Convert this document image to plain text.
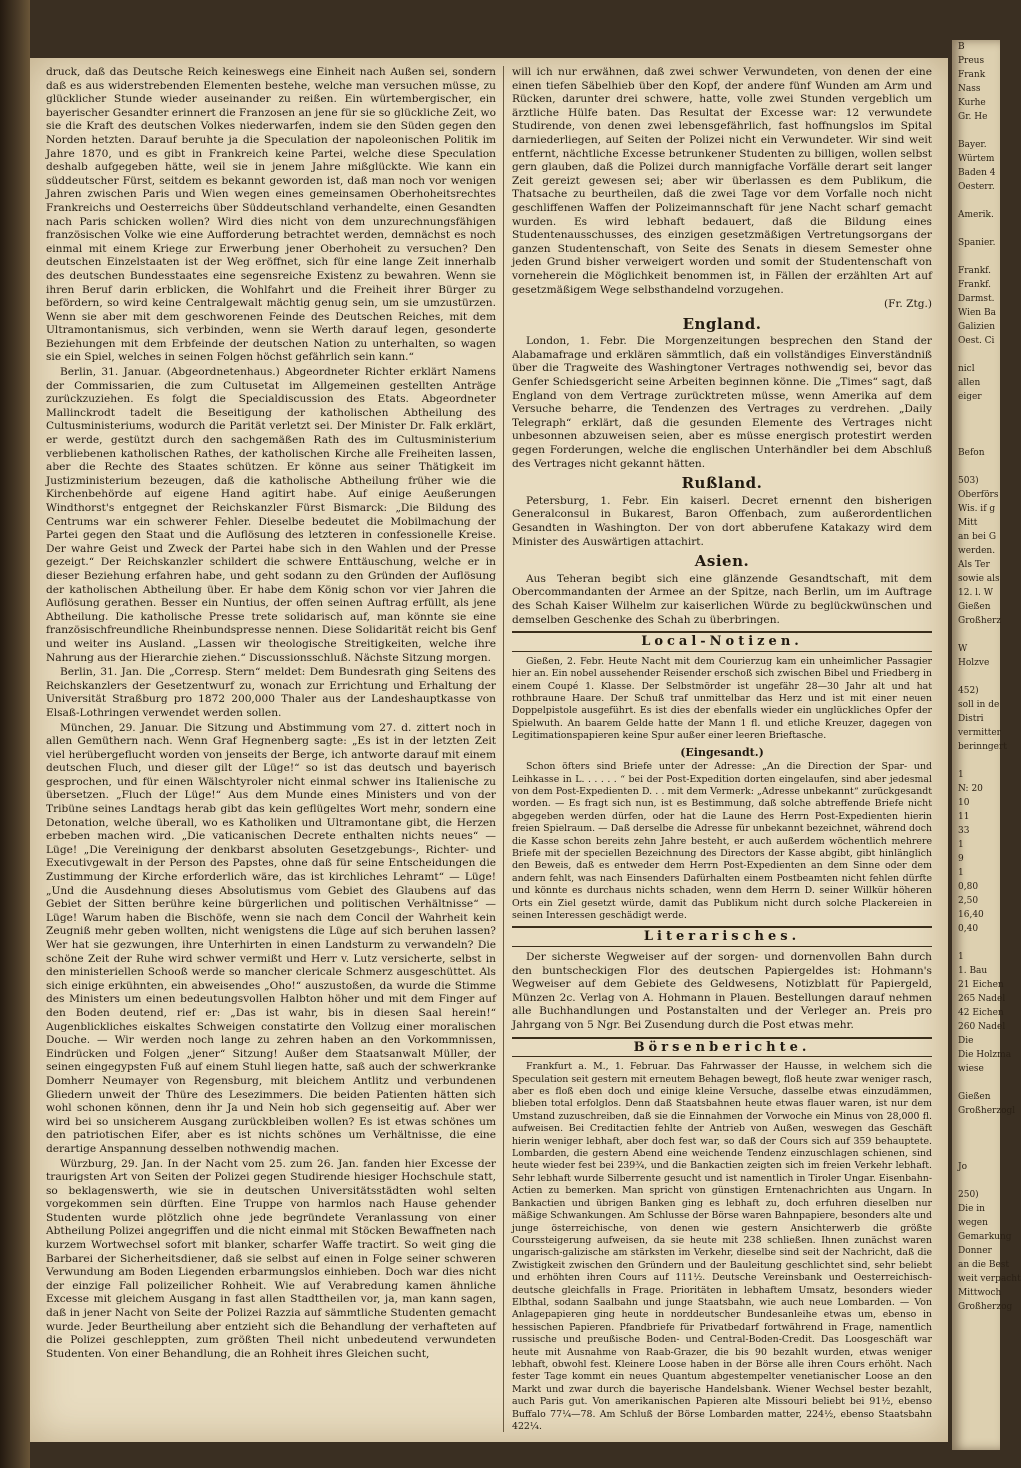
druck, daß das Deutsche Reich keineswegs eine Einheit nach Außen sei, sondern daß es aus widerstrebenden Elementen bestehe, welche man versuchen müsse, zu glücklicher Stunde wieder auseinander zu reißen. Ein würtembergischer, ein bayerischer Gesandter erinnert die Franzosen an jene für sie so glückliche Zeit, wo sie die Kraft des deutschen Volkes niederwarfen, indem sie den Süden gegen den Norden hetzten. Darauf beruhte ja die Speculation der napoleonischen Politik im Jahre 1870, und es gibt in Frankreich keine Partei, welche diese Speculation deshalb aufgegeben hätte, weil sie in jenem Jahre mißglückte. Wie kann ein süddeutscher Fürst, seitdem es bekannt geworden ist, daß man noch vor wenigen Jahren zwischen Paris und Wien wegen eines gemeinsamen Oberhoheitsrechtes Frankreichs und Oesterreichs über Süddeutschland verhandelte, einen Gesandten nach Paris schicken wollen? Wird dies nicht von dem unzurechnungsfähigen französischen Volke wie eine Aufforderung betrachtet werden, demnächst es noch einmal mit einem Kriege zur Erwerbung jener Oberhoheit zu versuchen? Den deutschen Einzelstaaten ist der Weg eröffnet, sich für eine lange Zeit innerhalb des deutschen Bundesstaates eine segensreiche Existenz zu bewahren. Wenn sie ihren Beruf darin erblicken, die Wohlfahrt und die Freiheit ihrer Bürger zu befördern, so wird keine Centralgewalt mächtig genug sein, um sie umzustürzen. Wenn sie aber mit dem geschworenen Feinde des Deutschen Reiches, mit dem Ultramontanismus, sich verbinden, wenn sie Werth darauf legen, gesonderte Beziehungen mit dem Erbfeinde der deutschen Nation zu unterhalten, so wagen sie ein Spiel, welches in seinen Folgen höchst gefährlich sein kann.“

Berlin, 31. Januar. (Abgeordnetenhaus.) Abgeordneter Richter erklärt Namens der Commissarien, die zum Cultusetat im Allgemeinen gestellten Anträge zurückzuziehen. Es folgt die Specialdiscussion des Etats. Abgeordneter Mallinckrodt tadelt die Beseitigung der katholischen Abtheilung des Cultusministeriums, wodurch die Parität verletzt sei. Der Minister Dr. Falk erklärt, er werde, gestützt durch den sachgemäßen Rath des im Cultusministerium verbliebenen katholischen Rathes, der katholischen Kirche alle Freiheiten lassen, aber die Rechte des Staates schützen. Er könne aus seiner Thätigkeit im Justizministerium bezeugen, daß die katholische Abtheilung früher wie die Kirchenbehörde auf eigene Hand agitirt habe. Auf einige Aeußerungen Windthorst's entgegnet der Reichskanzler Fürst Bismarck: „Die Bildung des Centrums war ein schwerer Fehler. Dieselbe bedeutet die Mobilmachung der Partei gegen den Staat und die Auflösung des letzteren in confessionelle Kreise. Der wahre Geist und Zweck der Partei habe sich in den Wahlen und der Presse gezeigt.“ Der Reichskanzler schildert die schwere Enttäuschung, welche er in dieser Beziehung erfahren habe, und geht sodann zu den Gründen der Auflösung der katholischen Abtheilung über. Er habe dem König schon vor vier Jahren die Auflösung gerathen. Besser ein Nuntius, der offen seinen Auftrag erfüllt, als jene Abtheilung. Die katholische Presse trete solidarisch auf, man könnte sie eine französischfreundliche Rheinbundspresse nennen. Diese Solidarität reicht bis Genf und weiter ins Ausland. „Lassen wir theologische Streitigkeiten, welche ihre Nahrung aus der Hierarchie ziehen.“ Discussionsschluß. Nächste Sitzung morgen.

Berlin, 31. Jan. Die „Corresp. Stern“ meldet: Dem Bundesrath ging Seitens des Reichskanzlers der Gesetzentwurf zu, wonach zur Errichtung und Erhaltung der Universität Straßburg pro 1872 200,000 Thaler aus der Landeshauptkasse von Elsaß-Lothringen verwendet werden sollen.

München, 29. Januar. Die Sitzung und Abstimmung vom 27. d. zittert noch in allen Gemüthern nach. Wenn Graf Hegnenberg sagte: „Es ist in der letzten Zeit viel herübergeflucht worden von jenseits der Berge, ich antworte darauf mit einem deutschen Fluch, und dieser gilt der Lüge!“ so ist das deutsch und bayerisch gesprochen, und für einen Wälschtyroler nicht einmal schwer ins Italienische zu übersetzen. „Fluch der Lüge!“ Aus dem Munde eines Ministers und von der Tribüne seines Landtags herab gibt das kein geflügeltes Wort mehr, sondern eine Detonation, welche überall, wo es Katholiken und Ultramontane gibt, die Herzen erbeben machen wird. „Die vaticanischen Decrete enthalten nichts neues“ — Lüge! „Die Vereinigung der denkbarst absoluten Gesetzgebungs-, Richter- und Executivgewalt in der Person des Papstes, ohne daß für seine Entscheidungen die Zustimmung der Kirche erforderlich wäre, das ist kirchliches Lehramt“ — Lüge! „Und die Ausdehnung dieses Absolutismus vom Gebiet des Glaubens auf das Gebiet der Sitten berühre keine bürgerlichen und politischen Verhältnisse“ — Lüge! Warum haben die Bischöfe, wenn sie nach dem Concil der Wahrheit kein Zeugniß mehr geben wollten, nicht wenigstens die Lüge auf sich beruhen lassen? Wer hat sie gezwungen, ihre Unterhirten in einen Landsturm zu verwandeln? Die schöne Zeit der Ruhe wird schwer vermißt und Herr v. Lutz versicherte, selbst in den ministeriellen Schooß werde so mancher clericale Schmerz ausgeschüttet. Als sich einige erkühnten, ein abweisendes „Oho!“ auszustoßen, da wurde die Stimme des Ministers um einen bedeutungsvollen Halbton höher und mit dem Finger auf den Boden deutend, rief er: „Das ist wahr, bis in diesen Saal herein!“ Augenblickliches eiskaltes Schweigen constatirte den Vollzug einer moralischen Douche. — Wir werden noch lange zu zehren haben an den Vorkommnissen, Eindrücken und Folgen „jener“ Sitzung! Außer dem Staatsanwalt Müller, der seinen eingegypsten Fuß auf einem Stuhl liegen hatte, saß auch der schwerkranke Domherr Neumayer von Regensburg, mit bleichem Antlitz und verbundenen Gliedern unweit der Thüre des Lesezimmers. Die beiden Patienten hätten sich wohl schonen können, denn ihr Ja und Nein hob sich gegenseitig auf. Aber wer wird bei so unsicherem Ausgang zurückbleiben wollen? Es ist etwas schönes um den patriotischen Eifer, aber es ist nichts schönes um Verhältnisse, die eine derartige Anspannung desselben nothwendig machen.

Würzburg, 29. Jan. In der Nacht vom 25. zum 26. Jan. fanden hier Excesse der traurigsten Art von Seiten der Polizei gegen Studirende hiesiger Hochschule statt, so beklagenswerth, wie sie in deutschen Universitätsstädten wohl selten vorgekommen sein dürften. Eine Truppe von harmlos nach Hause gehender Studenten wurde plötzlich ohne jede begründete Veranlassung von einer Abtheilung Polizei angegriffen und die nicht einmal mit Stöcken Bewaffneten nach kurzem Wortwechsel sofort mit blanker, scharfer Waffe tractirt. So weit ging die Barbarei der Sicherheitsdiener, daß sie selbst auf einen in Folge seiner schweren Verwundung am Boden Liegenden erbarmungslos einhieben. Doch war dies nicht der einzige Fall polizeilicher Rohheit. Wie auf Verabredung kamen ähnliche Excesse mit gleichem Ausgang in fast allen Stadttheilen vor, ja, man kann sagen, daß in jener Nacht von Seite der Polizei Razzia auf sämmtliche Studenten gemacht wurde. Jeder Beurtheilung aber entzieht sich die Behandlung der verhafteten auf die Polizei geschleppten, zum größten Theil nicht unbedeutend verwundeten Studenten. Von einer Behandlung, die an Rohheit ihres Gleichen sucht,

will ich nur erwähnen, daß zwei schwer Verwundeten, von denen der eine einen tiefen Säbelhieb über den Kopf, der andere fünf Wunden am Arm und Rücken, darunter drei schwere, hatte, volle zwei Stunden vergeblich um ärztliche Hülfe baten. Das Resultat der Excesse war: 12 verwundete Studirende, von denen zwei lebensgefährlich, fast hoffnungslos im Spital darniederliegen, auf Seiten der Polizei nicht ein Verwundeter. Wir sind weit entfernt, nächtliche Excesse betrunkener Studenten zu billigen, wollen selbst gern glauben, daß die Polizei durch mannigfache Vorfälle derart seit langer Zeit gereizt gewesen sei; aber wir überlassen es dem Publikum, die Thatsache zu beurtheilen, daß die zwei Tage vor dem Vorfalle noch nicht geschliffenen Waffen der Polizeimannschaft für jene Nacht scharf gemacht wurden. Es wird lebhaft bedauert, daß die Bildung eines Studentenausschusses, des einzigen gesetzmäßigen Vertretungsorgans der ganzen Studentenschaft, von Seite des Senats in diesem Semester ohne jeden Grund bisher verweigert worden und somit der Studentenschaft von vorneherein die Möglichkeit benommen ist, in Fällen der erzählten Art auf gesetzmäßigem Wege selbsthandelnd vorzugehen.

(Fr. Ztg.)
England.

London, 1. Febr. Die Morgenzeitungen besprechen den Stand der Alabamafrage und erklären sämmtlich, daß ein vollständiges Einverständniß über die Tragweite des Washingtoner Vertrages nothwendig sei, bevor das Genfer Schiedsgericht seine Arbeiten beginnen könne. Die „Times“ sagt, daß England von dem Vertrage zurücktreten müsse, wenn Amerika auf dem Versuche beharre, die Tendenzen des Vertrages zu verdrehen. „Daily Telegraph“ erklärt, daß die gesunden Elemente des Vertrages nicht unbesonnen abzuweisen seien, aber es müsse energisch protestirt werden gegen Forderungen, welche die englischen Unterhändler bei dem Abschluß des Vertrages nicht gekannt hätten.

Rußland.

Petersburg, 1. Febr. Ein kaiserl. Decret ernennt den bisherigen Generalconsul in Bukarest, Baron Offenbach, zum außerordentlichen Gesandten in Washington. Der von dort abberufene Katakazy wird dem Minister des Auswärtigen attachirt.

Asien.

Aus Teheran begibt sich eine glänzende Gesandtschaft, mit dem Obercommandanten der Armee an der Spitze, nach Berlin, um im Auftrage des Schah Kaiser Wilhelm zur kaiserlichen Würde zu beglückwünschen und demselben Geschenke des Schah zu überbringen.

Local-Notizen.

Gießen, 2. Febr. Heute Nacht mit dem Courierzug kam ein unheimlicher Passagier hier an. Ein nobel aussehender Reisender erschoß sich zwischen Bibel und Friedberg in einem Coupé 1. Klasse. Der Selbstmörder ist ungefähr 28—30 Jahr alt und hat rothbraune Haare. Der Schuß traf unmittelbar das Herz und ist mit einer neuen Doppelpistole ausgeführt. Es ist dies der ebenfalls wieder ein unglückliches Opfer der Spielwuth. An baarem Gelde hatte der Mann 1 fl. und etliche Kreuzer, dagegen von Legitimationspapieren keine Spur außer einer leeren Brieftasche.

(Eingesandt.)

Schon öfters sind Briefe unter der Adresse: „An die Direction der Spar- und Leihkasse in L. . . . . . “ bei der Post-Expedition dorten eingelaufen, sind aber jedesmal von dem Post-Expedienten D. . . mit dem Vermerk: „Adresse unbekannt“ zurückgesandt worden. — Es fragt sich nun, ist es Bestimmung, daß solche abtreffende Briefe nicht abgegeben werden dürfen, oder hat die Laune des Herrn Post-Expedienten hierin freien Spielraum. — Daß derselbe die Adresse für unbekannt bezeichnet, während doch die Kasse schon bereits zehn Jahre besteht, er auch außerdem wöchentlich mehrere Briefe mit der speciellen Bezeichnung des Directors der Kasse abgibt, gibt hinlänglich den Beweis, daß es entweder dem Herrn Post-Expedienten an dem Sinne oder dem andern fehlt, was nach Einsenders Dafürhalten einem Postbeamten nicht fehlen dürfte und könnte es durchaus nichts schaden, wenn dem Herrn D. seiner Willkür höheren Orts ein Ziel gesetzt würde, damit das Publikum nicht durch solche Plackereien in seinen Interessen geschädigt werde.

Literarisches.

Der sicherste Wegweiser auf der sorgen- und dornenvollen Bahn durch den buntscheckigen Flor des deutschen Papiergeldes ist: Hohmann's Wegweiser auf dem Gebiete des Geldwesens, Notizblatt für Papiergeld, Münzen 2c. Verlag von A. Hohmann in Plauen. Bestellungen darauf nehmen alle Buchhandlungen und Postanstalten und der Verleger an. Preis pro Jahrgang von 5 Ngr. Bei Zusendung durch die Post etwas mehr.

Börsenberichte.

Frankfurt a. M., 1. Februar. Das Fahrwasser der Hausse, in welchem sich die Speculation seit gestern mit erneutem Behagen bewegt, floß heute zwar weniger rasch, aber es floß eben doch und einige kleine Versuche, dasselbe etwas einzudämmen, blieben total erfolglos. Denn daß Staatsbahnen heute etwas flauer waren, ist nur dem Umstand zuzuschreiben, daß sie die Einnahmen der Vorwoche ein Minus von 28,000 fl. aufweisen. Bei Creditactien fehlte der Antrieb von Außen, weswegen das Geschäft hierin weniger lebhaft, aber doch fest war, so daß der Cours sich auf 359 behauptete. Lombarden, die gestern Abend eine weichende Tendenz einzuschlagen schienen, sind heute wieder fest bei 239¾, und die Bankactien zeigten sich im freien Verkehr lebhaft. Sehr lebhaft wurde Silberrente gesucht und ist namentlich in Tiroler Ungar. Eisenbahn-Actien zu bemerken. Man spricht von günstigen Erntenachrichten aus Ungarn. In Bankactien und übrigen Banken ging es lebhaft zu, doch erfuhren dieselben nur mäßige Schwankungen. Am Schlusse der Börse waren Bahnpapiere, besonders alte und junge österreichische, von denen wie gestern Ansichterwerb die größte Courssteigerung aufweisen, da sie heute mit 238 schließen. Ihnen zunächst waren ungarisch-galizische am stärksten im Verkehr, dieselbe sind seit der Nachricht, daß die Zwistigkeit zwischen den Gründern und der Bauleitung geschlichtet sind, sehr beliebt und erhöhten ihren Cours auf 111½. Deutsche Vereinsbank und Oesterreichisch-deutsche gleichfalls in Frage. Prioritäten in lebhaftem Umsatz, besonders wieder Elbthal, sodann Saalbahn und junge Staatsbahn, wie auch neue Lombarden. — Von Anlagepapieren ging heute in norddeutscher Bundesanleihe etwas um, ebenso in hessischen Papieren. Pfandbriefe für Privatbedarf fortwährend in Frage, namentlich russische und preußische Boden- und Central-Boden-Credit. Das Loosgeschäft war heute mit Ausnahme von Raab-Grazer, die bis 90 bezahlt wurden, etwas weniger lebhaft, obwohl fest. Kleinere Loose haben in der Börse alle ihren Cours erhöht. Nach fester Tage kommt ein neues Quantum abgestempelter venetianischer Loose an den Markt und zwar durch die bayerische Handelsbank. Wiener Wechsel bester bezahlt, auch Paris gut. Von amerikanischen Papieren alte Missouri beliebt bei 91½, ebenso Buffalo 77¼—78. Am Schluß der Börse Lombarden matter, 224½, ebenso Staatsbahn 422¼.

B
Preus
Frank
Nass
Kurhe
Gr. He

Bayer.
Würtem
Baden 4
Oesterr.

Amerik.

Spanier.

Frankf.
Frankf.
Darmst.
Wien Ba
Galizien
Oest. Ci

nicl
allen
eiger

Befon

503)
Oberförs
Wis. if g
Mitt
an bei G
werden.
Als Ter
sowie als
12. l. W
Gießen
Großherz

W
Holzve

452)
soll in de
Distri
vermitter
berinngert

1
N: 20
10
11
33
1
9
1
0,80
2,50
16,40
0,40

1
1. Bau
21 Eichen
265 Nadel
42 Eichen
260 Nadel
Die
Die Holzma
wiese

Gießen
Großherzogl

Jo

250)
Die in
wegen
Gemarkung
Donner
an die Best
weit verpacht
Mittwoch
Großherzog
